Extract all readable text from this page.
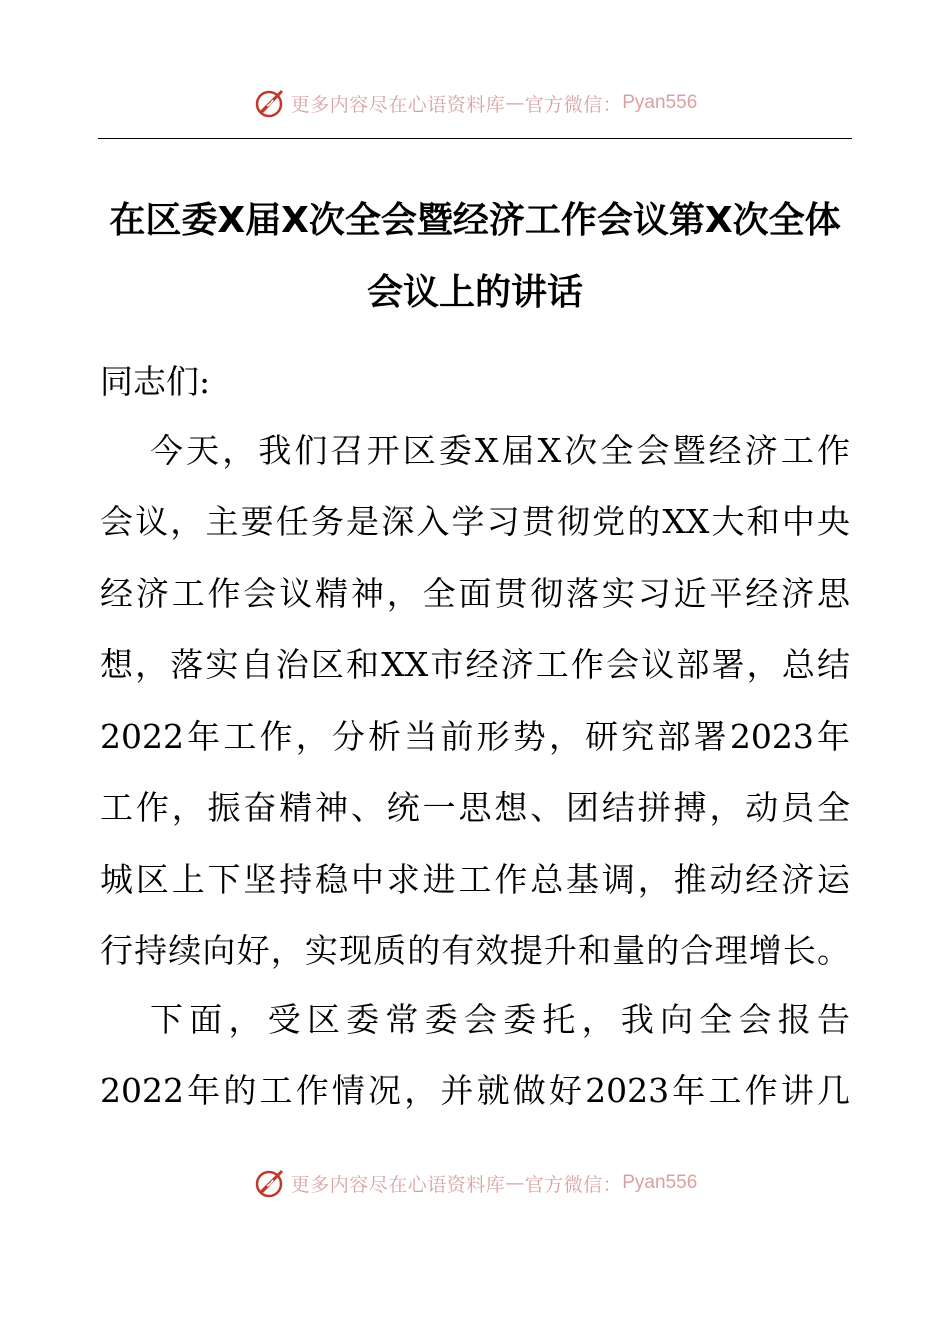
更多内容尽在心语资料库 — 官方微信： Pyan556
在区委X届X次全会暨经济工作会议第X次全体
会议上的讲话
同志们:
今天，我们召开区委X届X次全会暨经济工作
会议，主要任务是深入学习贯彻党的XX大和中央
经济工作会议精神，全面贯彻落实习近平经济思
想，落实自治区和XX市经济工作会议部署，总结
2022年工作，分析当前形势，研究部署2023年
工作，振奋精神、统一思想、团结拼搏，动员全
城区上下坚持稳中求进工作总基调，推动经济运
行持续向好，实现质的有效提升和量的合理增长。
下面，受区委常委会委托，我向全会报告
2022年的工作情况，并就做好2023年工作讲几
更多内容尽在心语资料库 — 官方微信： Pyan556
